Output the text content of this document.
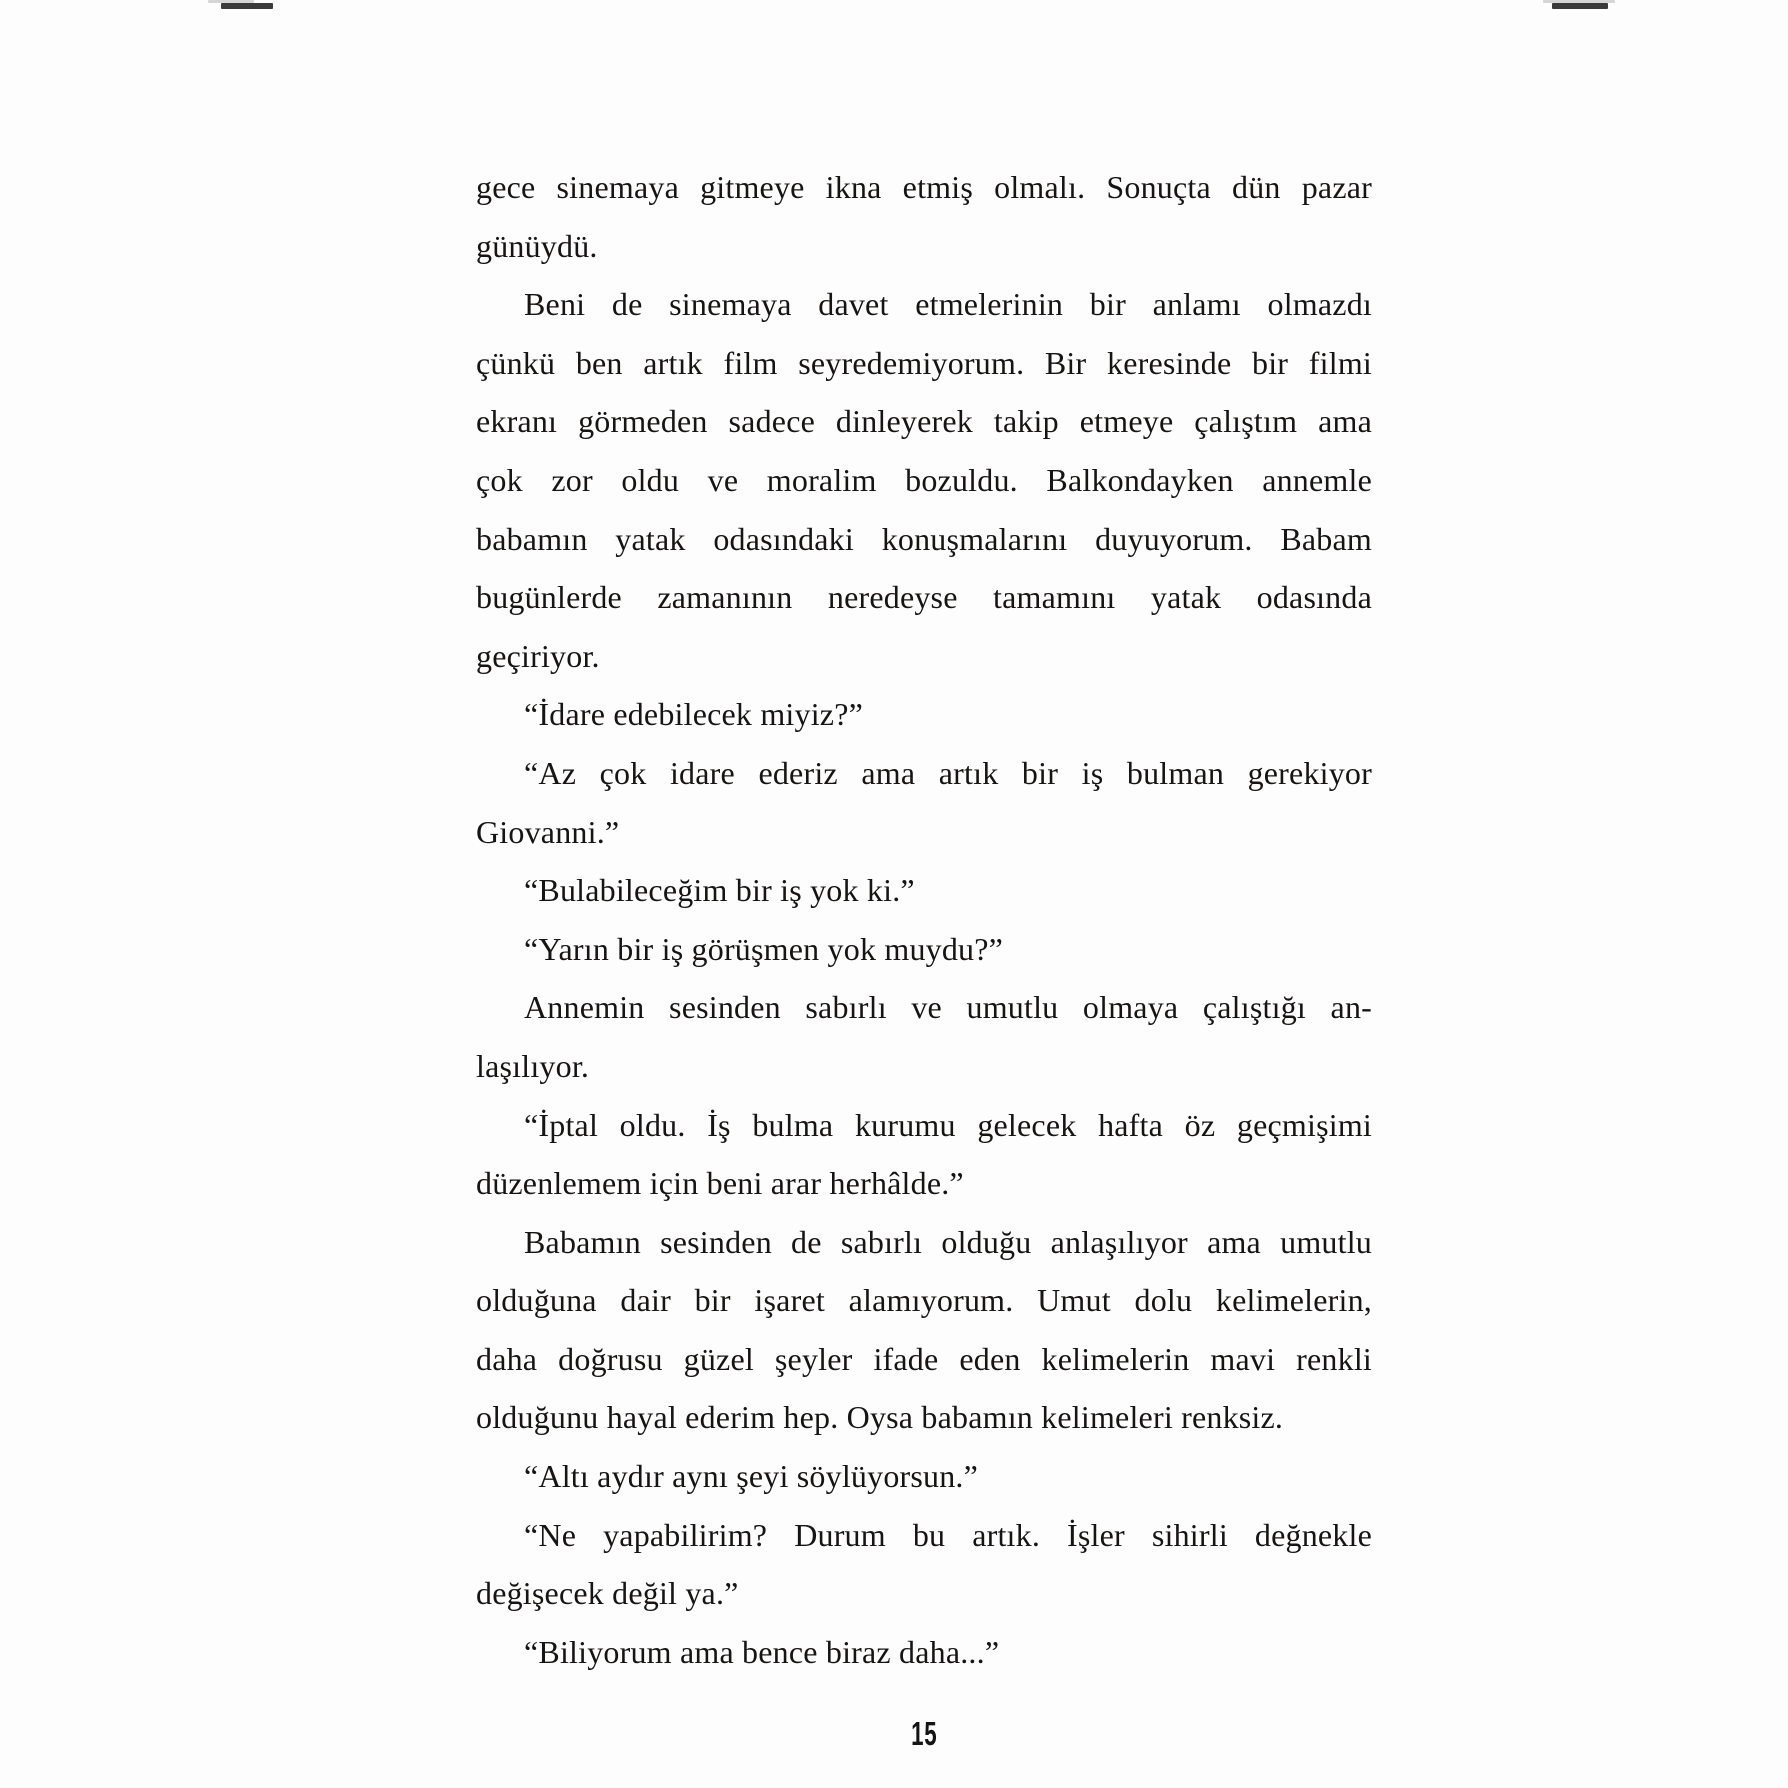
gece sinemaya gitmeye ikna etmiş olmalı. Sonuçta dün pazar
günüydü.
Beni de sinemaya davet etmelerinin bir anlamı olmazdı
çünkü ben artık film seyredemiyorum. Bir keresinde bir filmi
ekranı görmeden sadece dinleyerek takip etmeye çalıştım ama
çok zor oldu ve moralim bozuldu. Balkondayken annemle
babamın yatak odasındaki konuşmalarını duyuyorum. Babam
bugünlerde zamanının neredeyse tamamını yatak odasında
geçiriyor.
“İdare edebilecek miyiz?”
“Az çok idare ederiz ama artık bir iş bulman gerekiyor
Giovanni.”
“Bulabileceğim bir iş yok ki.”
“Yarın bir iş görüşmen yok muydu?”
Annemin sesinden sabırlı ve umutlu olmaya çalıştığı an-
laşılıyor.
“İptal oldu. İş bulma kurumu gelecek hafta öz geçmişimi
düzenlemem için beni arar herhâlde.”
Babamın sesinden de sabırlı olduğu anlaşılıyor ama umutlu
olduğuna dair bir işaret alamıyorum. Umut dolu kelimelerin,
daha doğrusu güzel şeyler ifade eden kelimelerin mavi renkli
olduğunu hayal ederim hep. Oysa babamın kelimeleri renksiz.
“Altı aydır aynı şeyi söylüyorsun.”
“Ne yapabilirim? Durum bu artık. İşler sihirli değnekle
değişecek değil ya.”
“Biliyorum ama bence biraz daha...”
15
